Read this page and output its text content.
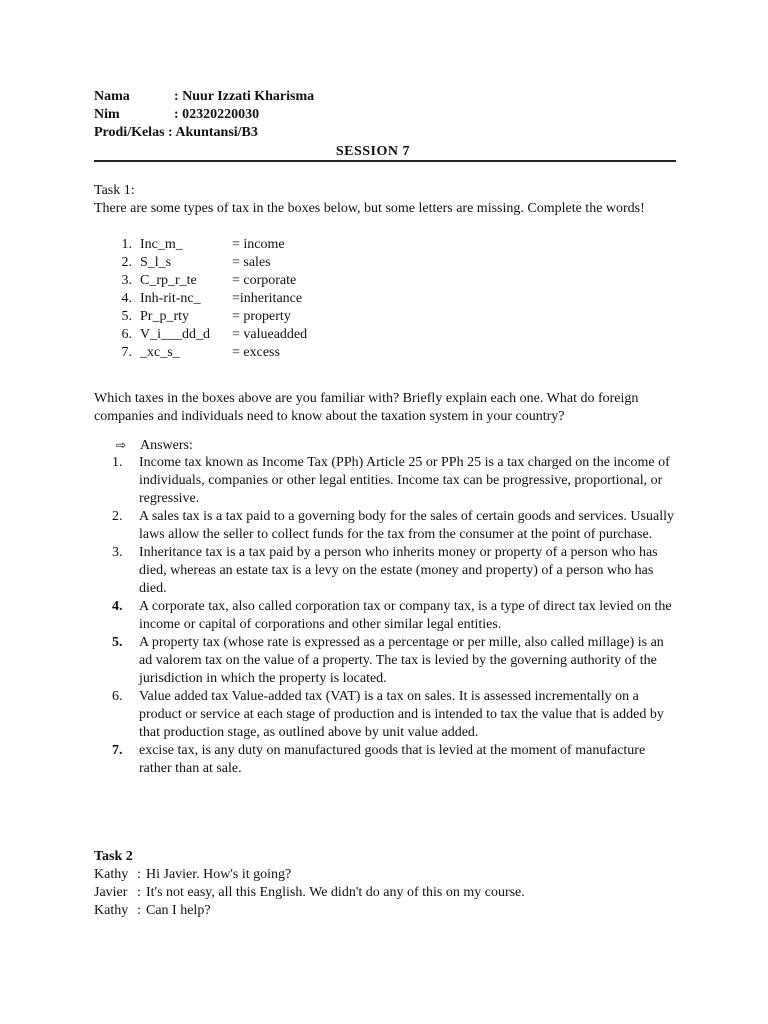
Nama	: Nuur Izzati Kharisma
Nim	: 02320220030
Prodi/Kelas : Akuntansi/B3
SESSION 7
Task 1:
There are some types of tax in the boxes below, but some letters are missing. Complete the words!
1. Inc_m_	= income
2. S_l_s	= sales
3. C_rp_r_te	= corporate
4. Inh-rit-nc_ =inheritance
5. Pr_p_rty	= property
6. V_i___dd_d = valueadded
7. _xc_s_	= excess
Which taxes in the boxes above are you familiar with? Briefly explain each one. What do foreign companies and individuals need to know about the taxation system in your country?
⇨ Answers:
1. Income tax known as Income Tax (PPh) Article 25 or PPh 25 is a tax charged on the income of individuals, companies or other legal entities. Income tax can be progressive, proportional, or regressive.
2. A sales tax is a tax paid to a governing body for the sales of certain goods and services. Usually laws allow the seller to collect funds for the tax from the consumer at the point of purchase.
3. Inheritance tax is a tax paid by a person who inherits money or property of a person who has died, whereas an estate tax is a levy on the estate (money and property) of a person who has died.
4. A corporate tax, also called corporation tax or company tax, is a type of direct tax levied on the income or capital of corporations and other similar legal entities.
5. A property tax (whose rate is expressed as a percentage or per mille, also called millage) is an ad valorem tax on the value of a property. The tax is levied by the governing authority of the jurisdiction in which the property is located.
6. Value added tax Value-added tax (VAT) is a tax on sales. It is assessed incrementally on a product or service at each stage of production and is intended to tax the value that is added by that production stage, as outlined above by unit value added.
7. excise tax, is any duty on manufactured goods that is levied at the moment of manufacture rather than at sale.
Task 2
Kathy : Hi Javier. How's it going?
Javier : It's not easy, all this English. We didn't do any of this on my course.
Kathy : Can I help?
